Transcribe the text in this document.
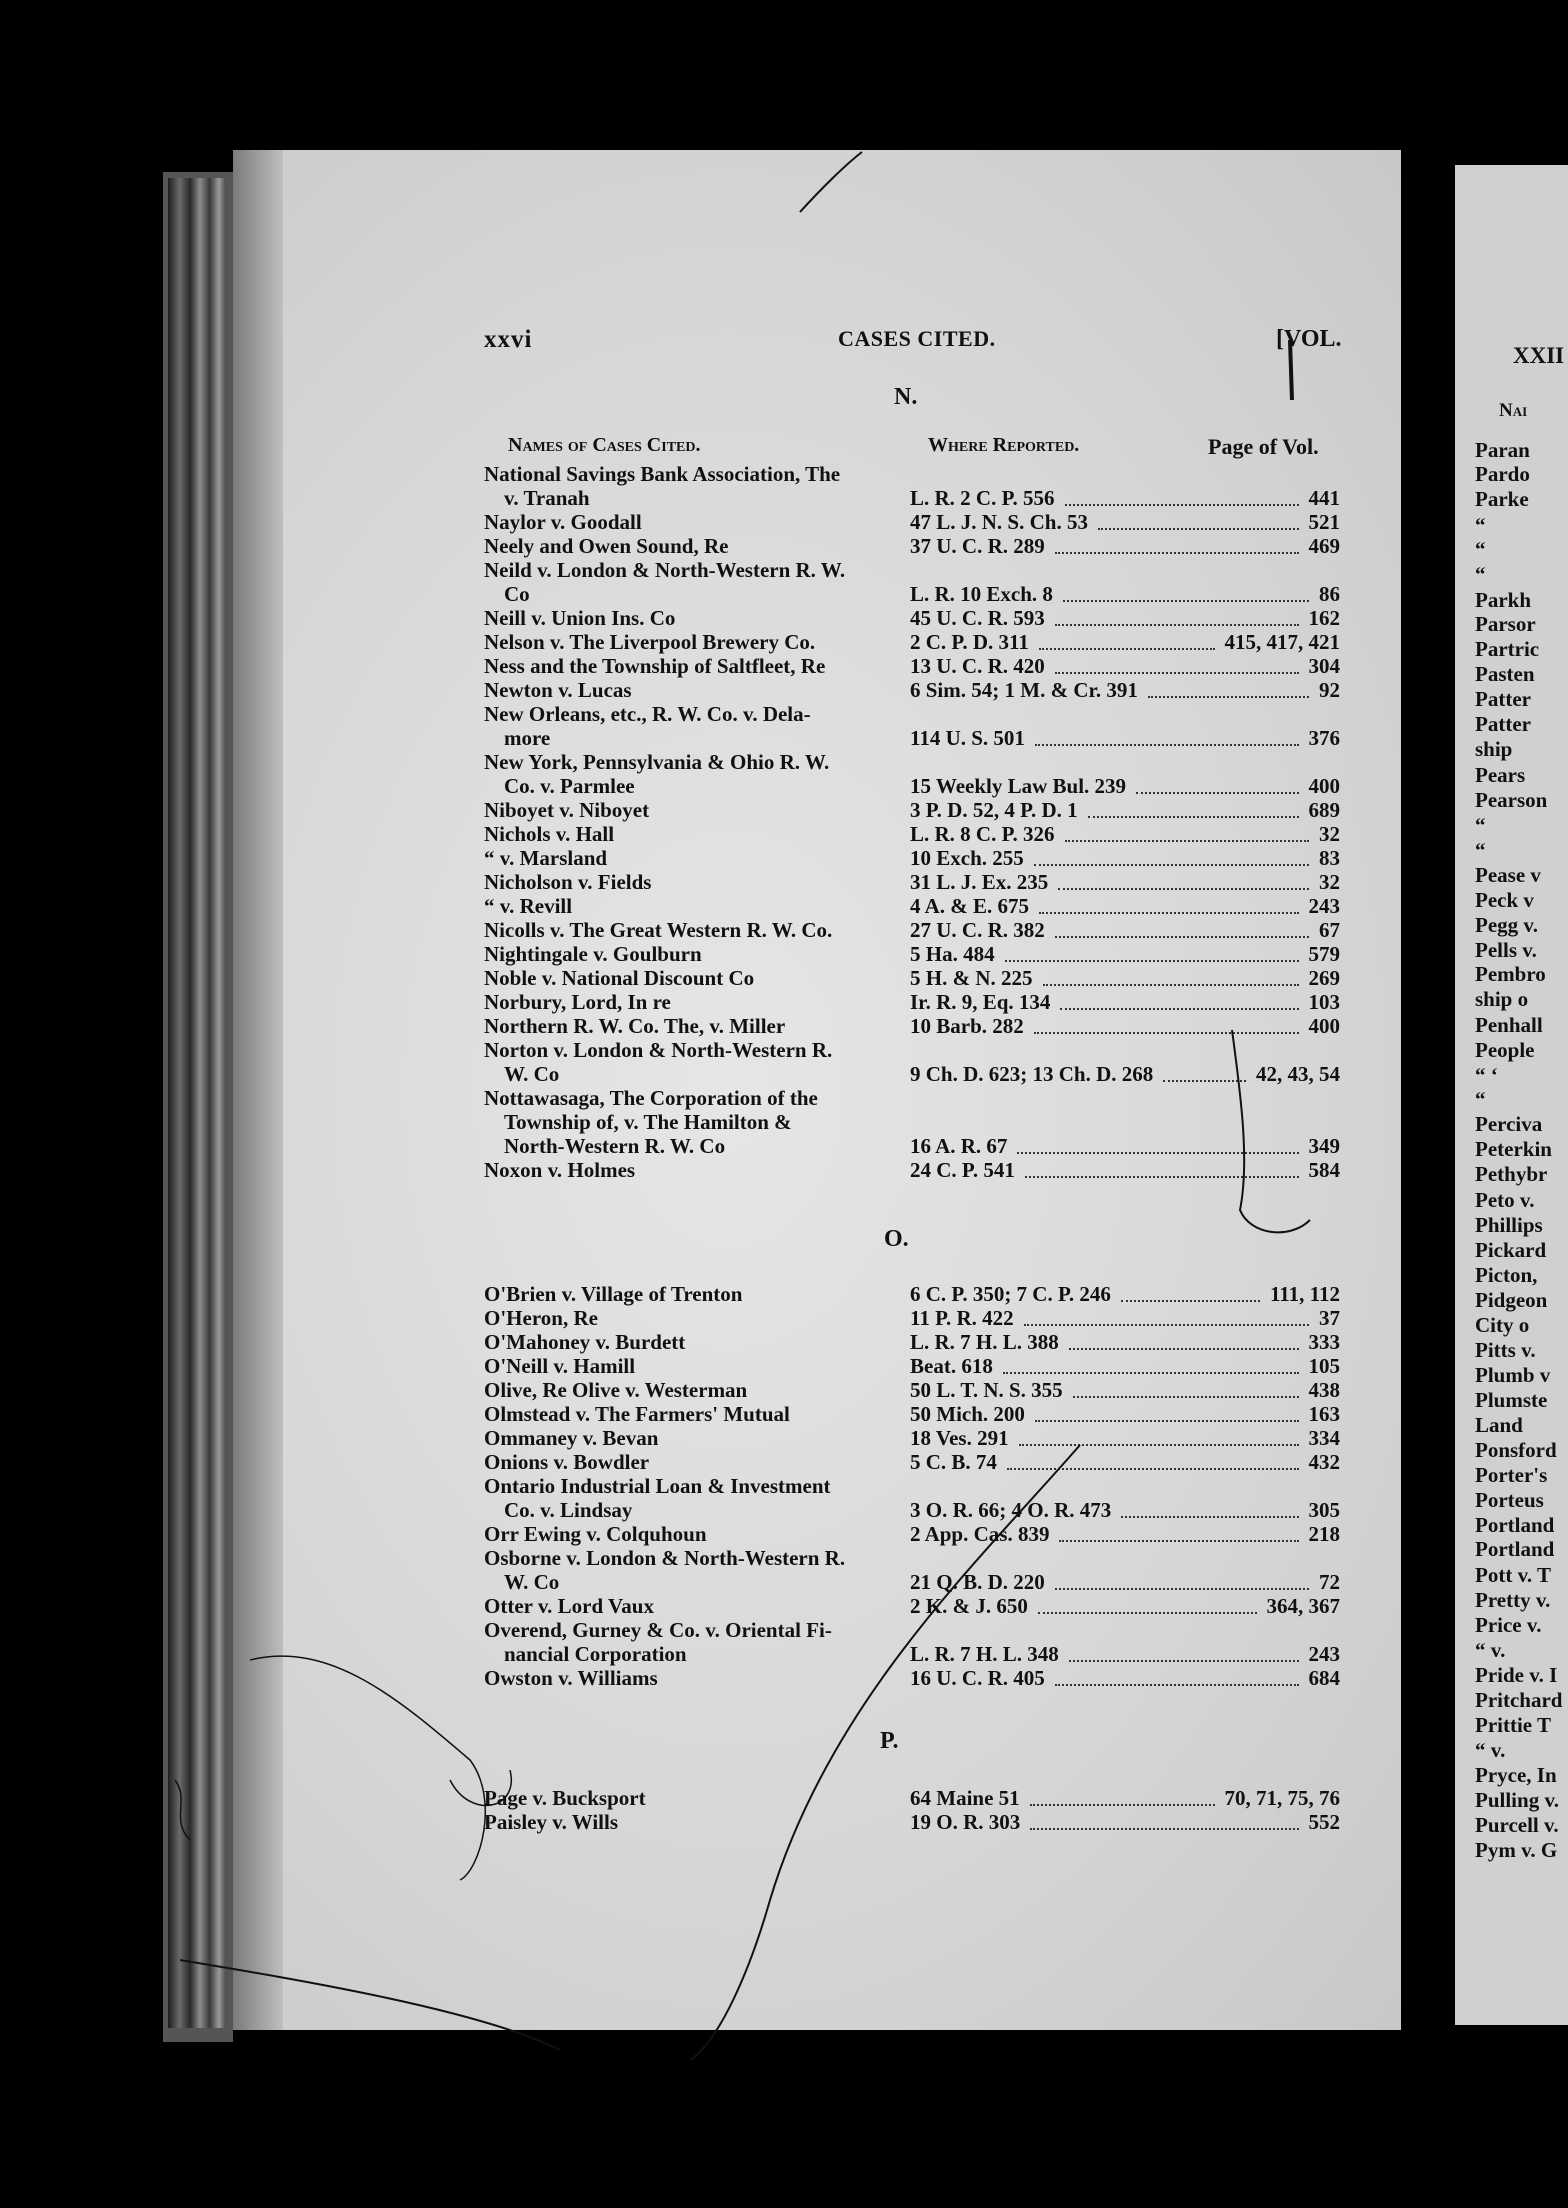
XXII
Nai
Paran
Pardo
Parke
“
“
“
Parkh
Parsor
Partric
Pasten
Patter
Patter
ship
Pears
Pearson
“
“
Pease v
Peck v
Pegg v.
Pells v.
Pembro
ship o
Penhall
People
“ ‘
“
Perciva
Peterkin
Pethybr
Peto v.
Phillips
Pickard
Picton,
Pidgeon
City o
Pitts v.
Plumb v
Plumste
Land
Ponsford
Porter's
Porteus
Portland
Portland
Pott v. T
Pretty v.
Price v.
“ v.
Pride v. I
Pritchard
Prittie T
“ v.
Pryce, In
Pulling v.
Purcell v.
Pym v. G
xxvi	CASES CITED.	[VOL.
N.
Names of Cases Cited.	Where Reported.	Page of Vol.
National Savings Bank Association, The
v. Tranah	L. R. 2 C. P. 556	441
Naylor v. Goodall	47 L. J. N. S. Ch. 53	521
Neely and Owen Sound, Re	37 U. C. R. 289	469
Neild v. London & North-Western R. W.
Co	L. R. 10 Exch. 8	86
Neill v. Union Ins. Co	45 U. C. R. 593	162
Nelson v. The Liverpool Brewery Co.	2 C. P. D. 311	415, 417, 421
Ness and the Township of Saltfleet, Re	13 U. C. R. 420	304
Newton v. Lucas	6 Sim. 54; 1 M. & Cr. 391	92
New Orleans, etc., R. W. Co. v. Dela-
more	114 U. S. 501	376
New York, Pennsylvania & Ohio R. W.
Co. v. Parmlee	15 Weekly Law Bul. 239	400
Niboyet v. Niboyet	3 P. D. 52, 4 P. D. 1	689
Nichols v. Hall	L. R. 8 C. P. 326	32
“ v. Marsland	10 Exch. 255	83
Nicholson v. Fields	31 L. J. Ex. 235	32
“ v. Revill	4 A. & E. 675	243
Nicolls v. The Great Western R. W. Co.	27 U. C. R. 382	67
Nightingale v. Goulburn	5 Ha. 484	579
Noble v. National Discount Co	5 H. & N. 225	269
Norbury, Lord, In re	Ir. R. 9, Eq. 134	103
Northern R. W. Co. The, v. Miller	10 Barb. 282	400
Norton v. London & North-Western R.
W. Co	9 Ch. D. 623; 13 Ch. D. 268	42, 43, 54
Nottawasaga, The Corporation of the
Township of, v. The Hamilton &
North-Western R. W. Co	16 A. R. 67	349
Noxon v. Holmes	24 C. P. 541	584
O'Brien v. Village of Trenton	6 C. P. 350; 7 C. P. 246	111, 112
O'Heron, Re	11 P. R. 422	37
O'Mahoney v. Burdett	L. R. 7 H. L. 388	333
O'Neill v. Hamill	Beat. 618	105
Olive, Re Olive v. Westerman	50 L. T. N. S. 355	438
Olmstead v. The Farmers' Mutual	50 Mich. 200	163
Ommaney v. Bevan	18 Ves. 291	334
Onions v. Bowdler	5 C. B. 74	432
Ontario Industrial Loan & Investment
Co. v. Lindsay	3 O. R. 66; 4 O. R. 473	305
Orr Ewing v. Colquhoun	2 App. Cas. 839	218
Osborne v. London & North-Western R.
W. Co	21 Q. B. D. 220	72
Otter v. Lord Vaux	2 K. & J. 650	364, 367
Overend, Gurney & Co. v. Oriental Fi-
nancial Corporation	L. R. 7 H. L. 348	243
Owston v. Williams	16 U. C. R. 405	684
Page v. Bucksport	64 Maine 51	70, 71, 75, 76
Paisley v. Wills	19 O. R. 303	552
O.
P.
